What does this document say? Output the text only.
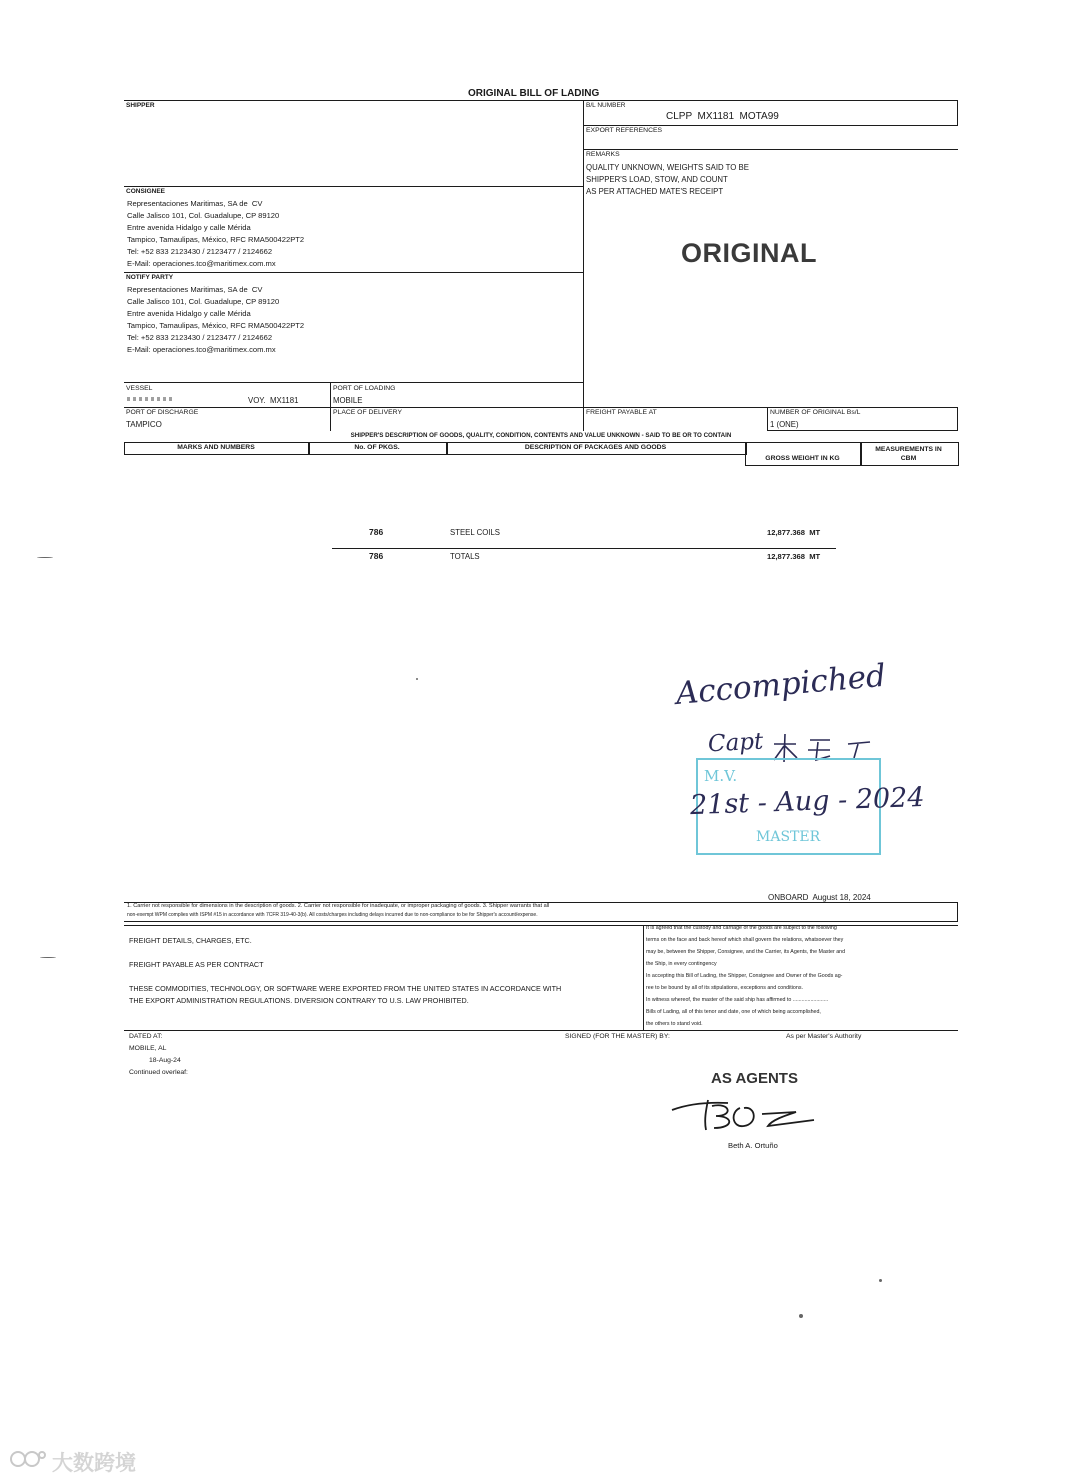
ORIGINAL BILL OF LADING
SHIPPER	B/L NUMBER
CLPP  MX1181  MOTA99
EXPORT REFERENCES
REMARKS
QUALITY UNKNOWN, WEIGHTS SAID TO BE
SHIPPER'S LOAD, STOW, AND COUNT
AS PER ATTACHED MATE'S RECEIPT
ORIGINAL
CONSIGNEE
Representaciones Maritimas, SA de  CV
Calle Jalisco 101, Col. Guadalupe, CP 89120
Entre avenida Hidalgo y calle Mérida
Tampico, Tamaulipas, México, RFC RMA500422PT2
Tel: +52 833 2123430 / 2123477 / 2124662
E-Mail: operaciones.tco@maritimex.com.mx
NOTIFY PARTY
Representaciones Maritimas, SA de  CV
Calle Jalisco 101, Col. Guadalupe, CP 89120
Entre avenida Hidalgo y calle Mérida
Tampico, Tamaulipas, México, RFC RMA500422PT2
Tel: +52 833 2123430 / 2123477 / 2124662
E-Mail: operaciones.tco@maritimex.com.mx
VESSEL
VOY.  MX1181
PORT OF LOADING
MOBILE
PORT OF DISCHARGE
TAMPICO
PLACE OF DELIVERY	FREIGHT PAYABLE AT	NUMBER OF ORIGINAL Bs/L
1 (ONE)
SHIPPER'S DESCRIPTION OF GOODS, QUALITY, CONDITION, CONTENTS AND VALUE UNKNOWN - SAID TO BE OR TO CONTAIN
MARKS AND NUMBERS	No. OF PKGS.	DESCRIPTION OF PACKAGES AND GOODS
GROSS WEIGHT IN KG
MEASUREMENTS IN CBM
786	STEEL COILS	12,877.368  MT
786	TOTALS	12,877.368  MT
Accompiched
Capt
M.V.
MASTER
21st - Aug - 2024
ONBOARD  August 18, 2024
1. Carrier not responsible for dimensions in the description of goods. 2. Carrier not responsible for inadequate, or improper packaging of goods. 3. Shipper warrants that all
non-exempt WPM complies with ISPM #15 in accordance with 7CFR 319-40-3(b). All costs/charges including delays incurred due to non-compliance to be for Shipper's account/expense.
FREIGHT DETAILS, CHARGES, ETC.
FREIGHT PAYABLE AS PER CONTRACT
THESE COMMODITIES, TECHNOLOGY, OR SOFTWARE WERE EXPORTED FROM THE UNITED STATES IN ACCORDANCE WITH
THE EXPORT ADMINISTRATION REGULATIONS. DIVERSION CONTRARY TO U.S. LAW PROHIBITED.
It is agreed that the custody and carriage of the goods are subject to the following
terms on the face and back hereof which shall govern the relations, whatsoever they
may be, between the Shipper, Consignee, and the Carrier, its Agents, the Master and
the Ship, in every contingency
In accepting this Bill of Lading, the Shipper, Consignee and Owner of the Goods ag-
ree to be bound by all of its stipulations, exceptions and conditions.
In witness whereof, the master of the said ship has affirmed to ........................
Bills of Lading, all of this tenor and date, one of which being accomplished,
the others to stand void.
DATED AT:
MOBILE, AL
18-Aug-24
Continued overleaf:
SIGNED (FOR THE MASTER) BY:	As per Master's Authority
AS AGENTS
Beth A. Ortuño
大数跨境
